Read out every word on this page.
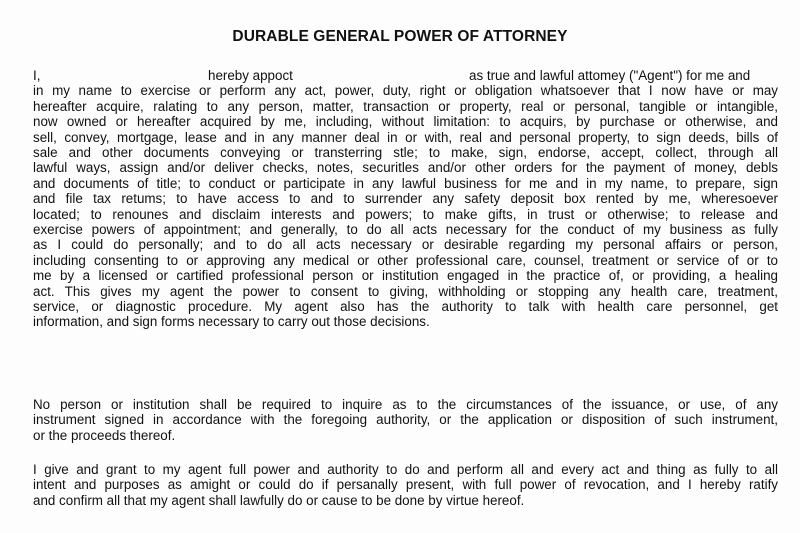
DURABLE GENERAL POWER OF ATTORNEY
I,	hereby appoct	as true and lawful attomey ("Agent") for me and
in my name to exercise or perform any act, power, duty, right or obligation whatsoever that I now have or may
hereafter acquire, ralating to any person, matter, transaction or property, real or personal, tangible or intangible,
now owned or hereafter acquired by me, including, without limitation: to acquirs, by purchase or otherwise, and
sell, convey, mortgage, lease and in any manner deal in or with, real and personal property, to sign deeds, bills of
sale and other documents conveying or transterring stle; to make, sign, endorse, accept, collect, through all
lawful ways, assign and/or deliver checks, notes, securitles and/or other orders for the payment of money, debls
and documents of title; to conduct or participate in any lawful business for me and in my name, to prepare, sign
and file tax retums; to have access to and to surrender any safety deposit box rented by me, wheresoever
located; to renounes and disclaim interests and powers; to make gifts, in trust or otherwise; to release and
exercise powers of appointment; and generally, to do all acts necessary for the conduct of my business as fully
as I could do personally; and to do all acts necessary or desirable regarding my personal affairs or person,
including consenting to or approving any medical or other professional care, counsel, treatment or service of or to
me by a licensed or cartified professional person or institution engaged in the practice of, or providing, a healing
act. This gives my agent the power to consent to giving, withholding or stopping any health care, treatment,
service, or diagnostic procedure. My agent also has the authority to talk with health care personnel, get
information, and sign forms necessary to carry out those decisions.
No person or institution shall be required to inquire as to the circumstances of the issuance, or use, of any
instrument signed in accordance with the foregoing authority, or the application or disposition of such instrument,
or the proceeds thereof.
I give and grant to my agent full power and authority to do and perform all and every act and thing as fully to all
intent and purposes as amight or could do if persanally present, with full power of revocation, and I hereby ratify
and confirm all that my agent shall lawfully do or cause to be done by virtue hereof.
